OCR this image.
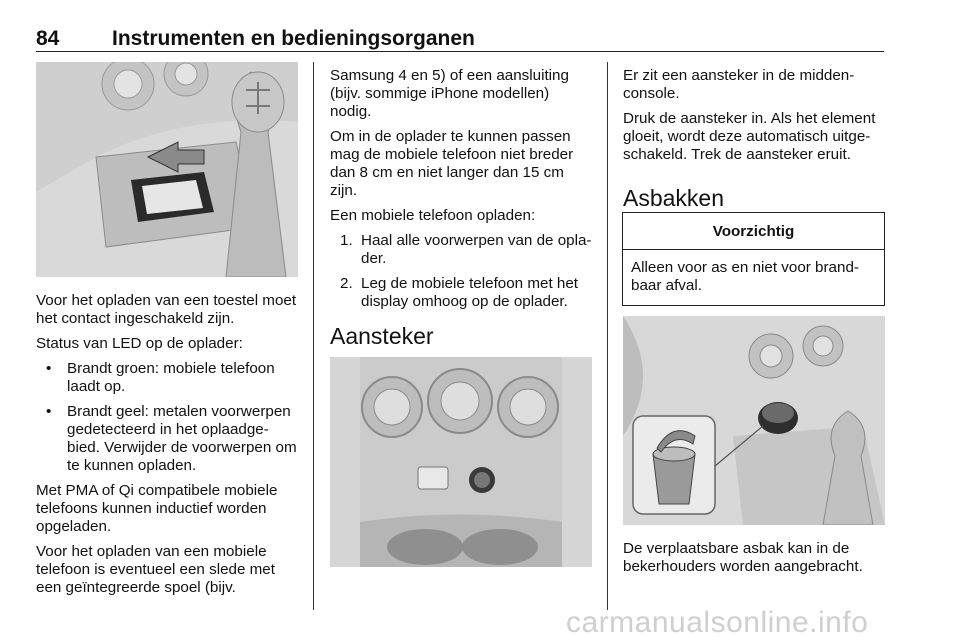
84	Instrumenten en bedieningsorganen

Voor het opladen van een toestel moet het contact ingeschakeld zijn.

Status van LED op de oplader:

• Brandt groen: mobiele telefoon laadt op.
• Brandt geel: metalen voorwerpen gedetecteerd in het oplaadge-bied. Verwijder de voorwerpen om te kunnen opladen.

Met PMA of Qi compatibele mobiele telefoons kunnen inductief worden opgeladen.

Voor het opladen van een mobiele telefoon is eventueel een slede met een geïntegreerde spoel (bijv.

Samsung 4 en 5) of een aansluiting (bijv. sommige iPhone modellen) nodig.

Om in de oplader te kunnen passen mag de mobiele telefoon niet breder dan 8 cm en niet langer dan 15 cm zijn.

Een mobiele telefoon opladen:

1. Haal alle voorwerpen van de opla-der.
2. Leg de mobiele telefoon met het display omhoog op de oplader.
Aansteker

Er zit een aansteker in de midden-console.

Druk de aansteker in. Als het element gloeit, wordt deze automatisch uitge-schakeld. Trek de aansteker eruit.

Asbakken
Voorzichtig
Alleen voor as en niet voor brand-baar afval.

De verplaatsbare asbak kan in de bekerhouders worden aangebracht.

carmanualsonline.info
